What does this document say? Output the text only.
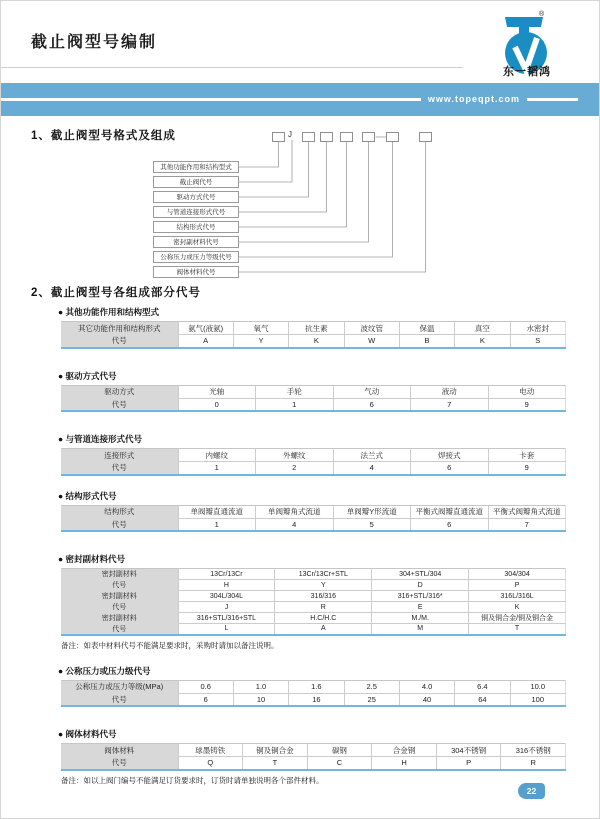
截止阀型号编制
®
东一韬鸿
www.topeqpt.com
1、截止阀型号格式及组成	J
其他功能作用和结构型式
截止阀代号
驱动方式代号
与管道连接形式代号
结构形式代号
密封副材料代号
公称压力或压力等级代号
阀体材料代号
2、截止阀型号各组成部分代号
● 其他功能作用和结构型式
其它功能作用和结构形式	氨气(液氨)	氧气	抗生素	波纹管	保温	真空	水密封
代号	A	Y	K	W	B	K	S
● 驱动方式代号
驱动方式	光轴	手轮	气动	液动	电动
代号	0	1	6	7	9
● 与管道连接形式代号
连接形式	内螺纹	外螺纹	法兰式	焊接式	卡套
代号	1	2	4	6	9
● 结构形式代号
结构形式	单阀瓣直通流道	单阀瓣角式流道	单阀瓣Y形流道	平衡式阀瓣直通流道	平衡式阀瓣角式流道
代号	1	4	5	6	7
● 密封副材料代号
密封副材料	13Cr/13Cr	13Cr/13Cr+STL	304+STL/304	304/304
代号	H	Y	D	P
密封副材料	304L/304L	316/316	316+STL/316*	316L/316L
代号	J	R	E	K
密封副材料	316+STL/316+STL	H.C/H.C	M./M.	铜及铜合金/铜及铜合金
代号	L	A	M	T
备注：如表中材料代号不能满足要求时，采购时请加以备注说明。
● 公称压力或压力级代号
公称压力或压力等级(MPa)	0.6	1.0	1.6	2.5	4.0	6.4	10.0
代号	6	10	16	25	40	64	100
● 阀体材料代号
阀体材料	球墨铸铁	铜及铜合金	碳钢	合金钢	304不锈钢	316不锈钢
代号	Q	T	C	H	P	R
备注：如以上阀门编号不能满足订货要求时，订货时请单独说明各个部件材料。
22
